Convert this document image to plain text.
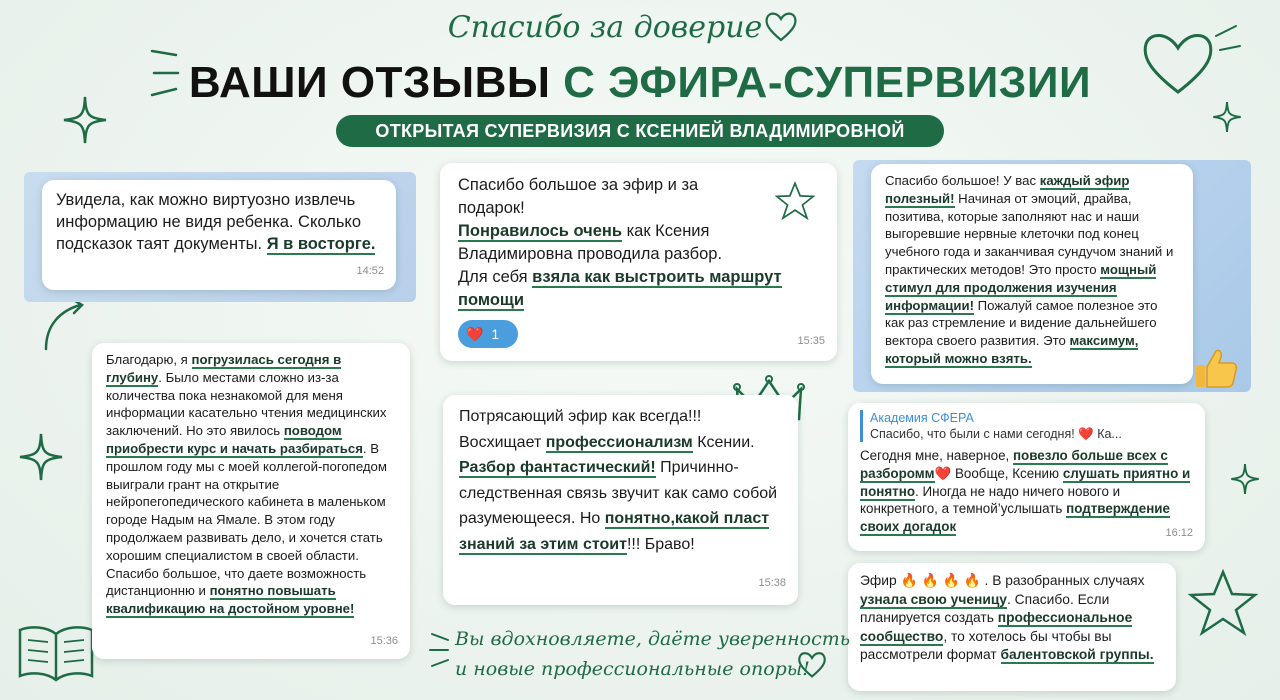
Спасибо за доверие
ВАШИ ОТЗЫВЫ С ЭФИРА-СУПЕРВИЗИИ
ОТКРЫТАЯ СУПЕРВИЗИЯ С КСЕНИЕЙ ВЛАДИМИРОВНОЙ
Увидела, как можно виртуозно извлечь информацию не видя ребенка. Сколько подсказок таят документы. Я в восторге.
14:52
Спасибо большое за эфир и за подарок!
Понравилось очень как Ксения Владимировна проводила разбор.
Для себя взяла как выстроить маршрут помощи
❤️ 1	15:35
Спасибо большое! У вас каждый эфир полезный! Начиная от эмоций, драйва, позитива, которые заполняют нас и наши выгоревшие нервные клеточки под конец учебного года и заканчивая сундучом знаний и практических методов! Это просто мощный стимул для продолжения изучения информации! Пожалуй самое полезное это как раз стремление и видение дальнейшего вектора своего развития. Это максимум, который можно взять.
Благодарю, я погрузилась сегодня в глубину. Было местами сложно из-за количества пока незнакомой для меня информации касательно чтения медицинских заключений. Но это явилось поводом приобрести курс и начать разбираться. В прошлом году мы с моей коллегой-погопедом выиграли грант на открытие нейропегопедического кабинета в маленьком городе Надым на Ямале. В этом году продолжаем развивать дело, и хочется стать хорошим специалистом в своей области. Спасибо большое, что даете возможность дистанционню и понятно повышать квалификацию на достойном уровне!
15:36
Потрясающий эфир как всегда!!! Восхищает профессионализм Ксении. Разбор фантастический! Причинно-следственная связь звучит как само собой разумеющееся. Но понятно,какой пласт знаний за этим стоит!!! Браво!
15:38
Академия СФЕРА
Спасибо, что были с нами сегодня! ❤️ Ка...
Сегодня мне, наверное, повезло больше всех с разборомм❤️ Вообще, Ксению слушать приятно и понятно. Иногда не надо ничего нового и конкретного, а темной’услышать подтверждение своих догадок	16:12
Эфир 🔥 🔥 🔥 🔥 . В разобранных случаях узнала свою ученицу. Спасибо. Если планируется создать профессиональное сообщество, то хотелось бы чтобы вы рассмотрели формат балентовской группы.
Вы вдохновляете, даёте уверенность
и новые профессиональные опоры!
